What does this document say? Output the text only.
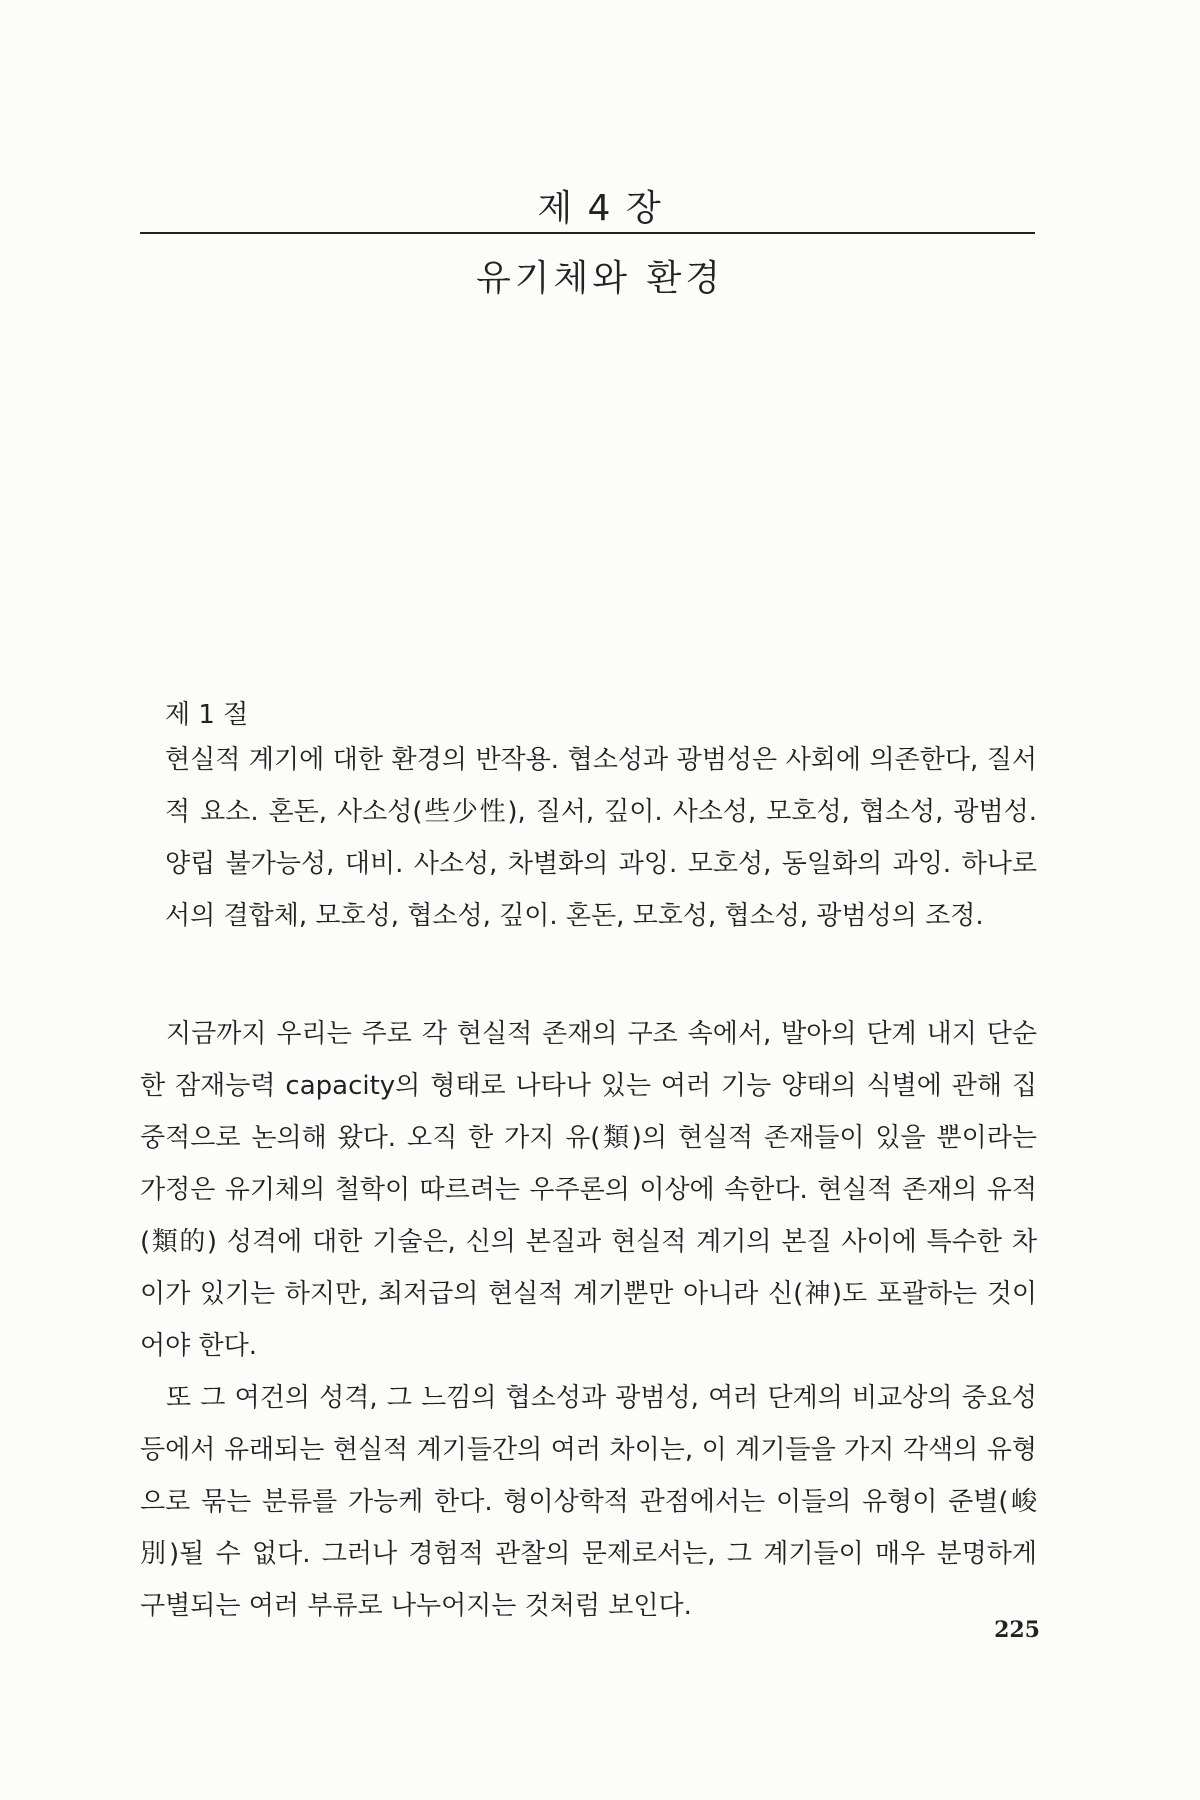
제 4 장
유기체와 환경
제 1 절
현실적 계기에 대한 환경의 반작용. 협소성과 광범성은 사회에 의존한다, 질서적 요소. 혼돈, 사소성(些少性), 질서, 깊이. 사소성, 모호성, 협소성, 광범성. 양립 불가능성, 대비. 사소성, 차별화의 과잉. 모호성, 동일화의 과잉. 하나로서의 결합체, 모호성, 협소성, 깊이. 혼돈, 모호성, 협소성, 광범성의 조정.

지금까지 우리는 주로 각 현실적 존재의 구조 속에서, 발아의 단계 내지 단순한 잠재능력 capacity의 형태로 나타나 있는 여러 기능 양태의 식별에 관해 집중적으로 논의해 왔다. 오직 한 가지 유(類)의 현실적 존재들이 있을 뿐이라는 가정은 유기체의 철학이 따르려는 우주론의 이상에 속한다. 현실적 존재의 유적(類的) 성격에 대한 기술은, 신의 본질과 현실적 계기의 본질 사이에 특수한 차이가 있기는 하지만, 최저급의 현실적 계기뿐만 아니라 신(神)도 포괄하는 것이어야 한다.

또 그 여건의 성격, 그 느낌의 협소성과 광범성, 여러 단계의 비교상의 중요성 등에서 유래되는 현실적 계기들간의 여러 차이는, 이 계기들을 가지 각색의 유형으로 묶는 분류를 가능케 한다. 형이상학적 관점에서는 이들의 유형이 준별(峻別)될 수 없다. 그러나 경험적 관찰의 문제로서는, 그 계기들이 매우 분명하게 구별되는 여러 부류로 나누어지는 것처럼 보인다.

225
